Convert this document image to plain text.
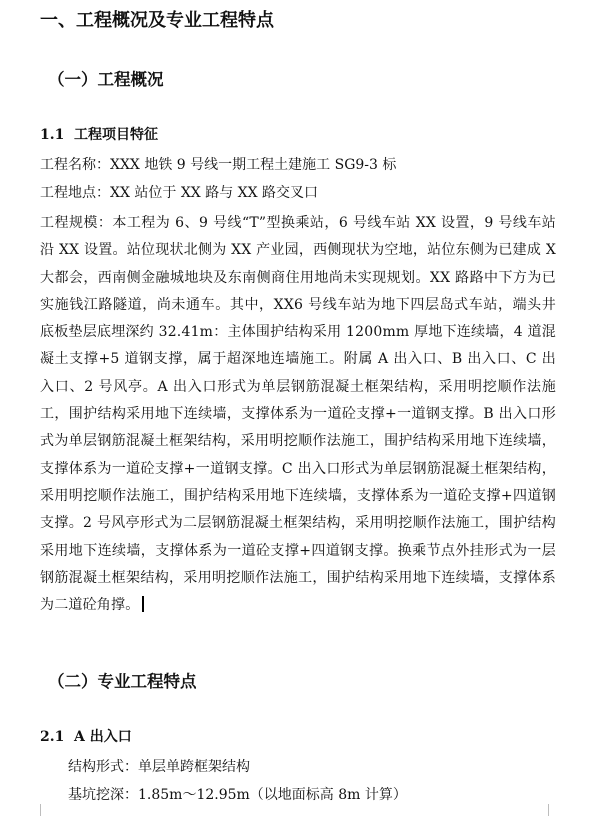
一、工程概况及专业工程特点
（一）工程概况
1.1 工程项目特征
工程名称：XXX 地铁 9 号线一期工程土建施工 SG9-3 标
工程地点：XX 站位于 XX 路与 XX 路交叉口
工程规模：本工程为 6、9 号线“T”型换乘站，6 号线车站 XX 设置，9 号线车站沿 XX 设置。站位现状北侧为 XX 产业园，西侧现状为空地，站位东侧为已建成 X 大都会，西南侧金融城地块及东南侧商住用地尚未实现规划。XX 路路中下方为已实施钱江路隧道，尚未通车。其中，XX6 号线车站为地下四层岛式车站，端头井底板垫层底埋深约 32.41m：主体围护结构采用 1200mm 厚地下连续墙，4 道混凝土支撑+5 道钢支撑，属于超深地连墙施工。附属 A 出入口、B 出入口、C 出入口、2 号风亭。A 出入口形式为单层钢筋混凝土框架结构，采用明挖顺作法施工，围护结构采用地下连续墙，支撑体系为一道砼支撑+一道钢支撑。B 出入口形式为单层钢筋混凝土框架结构，采用明挖顺作法施工，围护结构采用地下连续墙，支撑体系为一道砼支撑+一道钢支撑。C 出入口形式为单层钢筋混凝土框架结构，采用明挖顺作法施工，围护结构采用地下连续墙，支撑体系为一道砼支撑+四道钢支撑。2 号风亭形式为二层钢筋混凝土框架结构，采用明挖顺作法施工，围护结构采用地下连续墙，支撑体系为一道砼支撑+四道钢支撑。换乘节点外挂形式为一层钢筋混凝土框架结构，采用明挖顺作法施工，围护结构采用地下连续墙，支撑体系为二道砼角撑。
（二）专业工程特点
2.1 A 出入口
结构形式：单层单跨框架结构
基坑挖深：1.85m～12.95m（以地面标高 8m 计算）
